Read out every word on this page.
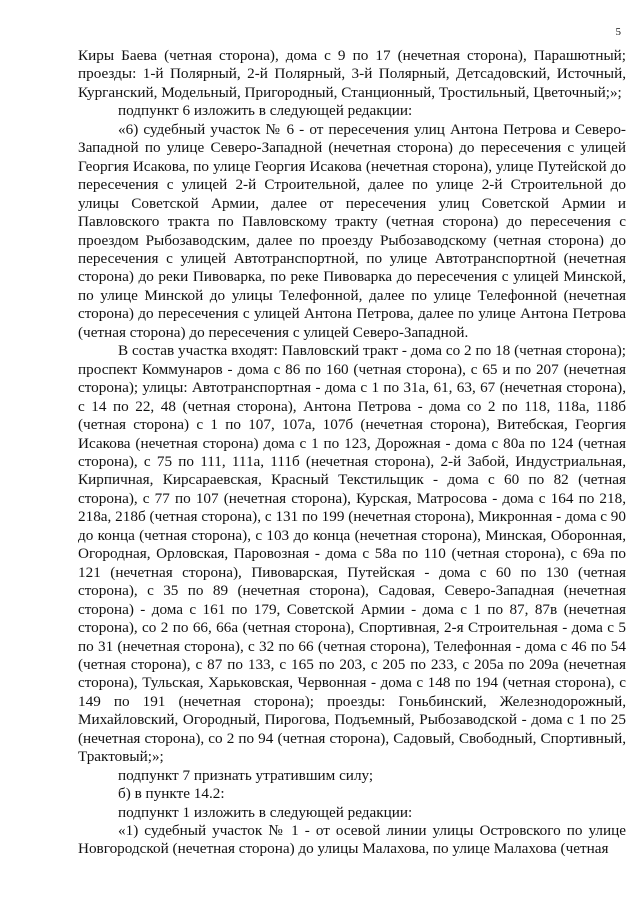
5

Киры Баева (четная сторона), дома с 9 по 17 (нечетная сторона), Парашютный; проезды: 1-й Полярный, 2-й Полярный, 3-й Полярный, Детсадовский, Источный, Курганский, Модельный, Пригородный, Станционный, Тростильный, Цветочный;»;

подпункт 6 изложить в следующей редакции:

«6) судебный участок № 6 - от пересечения улиц Антона Петрова и Северо-Западной по улице Северо-Западной (нечетная сторона) до пересечения с улицей Георгия Исакова, по улице Георгия Исакова (нечетная сторона), улице Путейской до пересечения с улицей 2-й Строительной, далее по улице 2-й Строительной до улицы Советской Армии, далее от пересечения улиц Советской Армии и Павловского тракта по Павловскому тракту (четная сторона) до пересечения с проездом Рыбозаводским, далее по проезду Рыбозаводскому (четная сторона) до пересечения с улицей Автотранспортной, по улице Автотранспортной (нечетная сторона) до реки Пивоварка, по реке Пивоварка до пересечения с улицей Минской, по улице Минской до улицы Телефонной, далее по улице Телефонной (нечетная сторона) до пересечения с улицей Антона Петрова, далее по улице Антона Петрова (четная сторона) до пересечения с улицей Северо-Западной.

В состав участка входят: Павловский тракт - дома со 2 по 18 (четная сторона); проспект Коммунаров - дома с 86 по 160 (четная сторона), с 65 и по 207 (нечетная сторона); улицы: Автотранспортная - дома с 1 по 31а, 61, 63, 67 (нечетная сторона), с 14 по 22, 48 (четная сторона), Антона Петрова - дома со 2 по 118, 118а, 118б (четная сторона) с 1 по 107, 107а, 107б (нечетная сторона), Витебская, Георгия Исакова (нечетная сторона) дома с 1 по 123, Дорожная - дома с 80а по 124 (четная сторона), с 75 по 111, 111а, 111б (нечетная сторона), 2-й Забой, Индустриальная, Кирпичная, Кирсараевская, Красный Текстильщик - дома с 60 по 82 (четная сторона), с 77 по 107 (нечетная сторона), Курская, Матросова - дома с 164 по 218, 218а, 218б (четная сторона), с 131 по 199 (нечетная сторона), Микронная - дома с 90 до конца (четная сторона), с 103 до конца (нечетная сторона), Минская, Оборонная, Огородная, Орловская, Паровозная - дома с 58а по 110 (четная сторона), с 69а по 121 (нечетная сторона), Пивоварская, Путейская - дома с 60 по 130 (четная сторона), с 35 по 89 (нечетная сторона), Садовая, Северо-Западная (нечетная сторона) - дома с 161 по 179, Советской Армии - дома с 1 по 87, 87в (нечетная сторона), со 2 по 66, 66а (четная сторона), Спортивная, 2-я Строительная - дома с 5 по 31 (нечетная сторона), с 32 по 66 (четная сторона), Телефонная - дома с 46 по 54 (четная сторона), с 87 по 133, с 165 по 203, с 205 по 233, с 205а по 209а (нечетная сторона), Тульская, Харьковская, Червонная - дома с 148 по 194 (четная сторона), с 149 по 191 (нечетная сторона); проезды: Гоньбинский, Железнодорожный, Михайловский, Огородный, Пирогова, Подъемный, Рыбозаводской - дома с 1 по 25 (нечетная сторона), со 2 по 94 (четная сторона), Садовый, Свободный, Спортивный, Трактовый;»;

подпункт 7 признать утратившим силу;

б) в пункте 14.2:

подпункт 1 изложить в следующей редакции:

«1) судебный участок № 1 - от осевой линии улицы Островского по улице Новгородской (нечетная сторона) до улицы Малахова, по улице Малахова (четная
